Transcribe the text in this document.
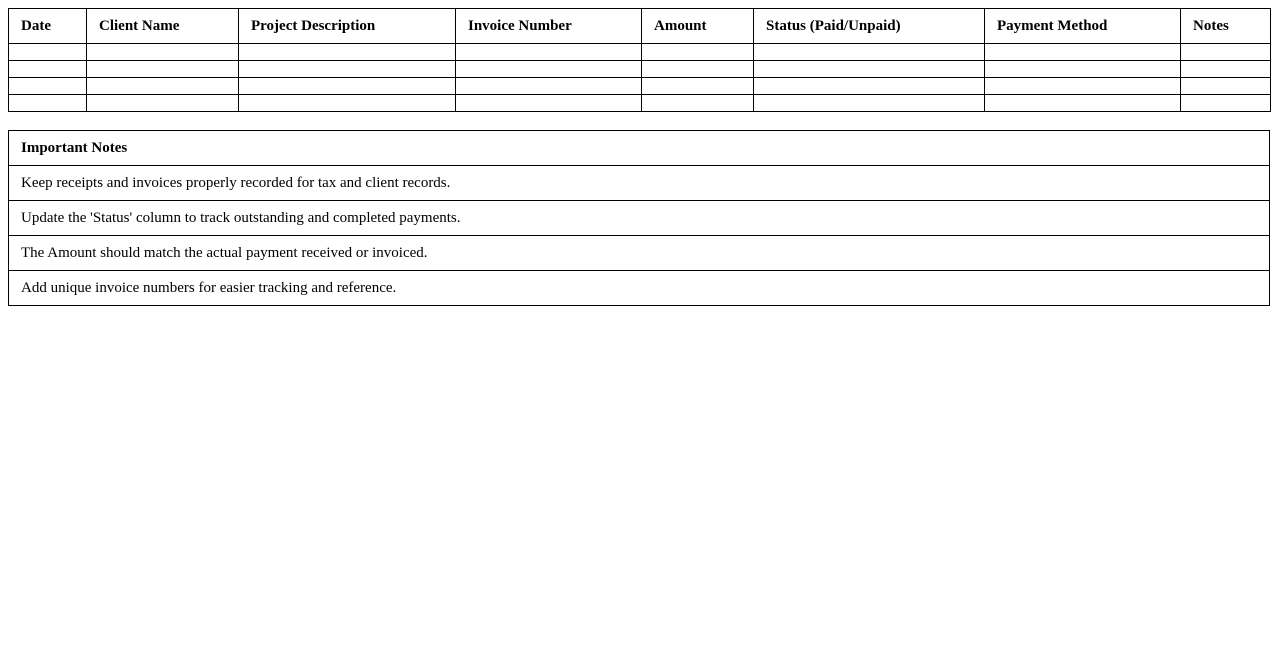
Date	Client Name	Project Description	Invoice Number	Amount	Status (Paid/Unpaid)	Payment Method	Notes

Important Notes
Keep receipts and invoices properly recorded for tax and client records.
Update the 'Status' column to track outstanding and completed payments.
The Amount should match the actual payment received or invoiced.
Add unique invoice numbers for easier tracking and reference.
